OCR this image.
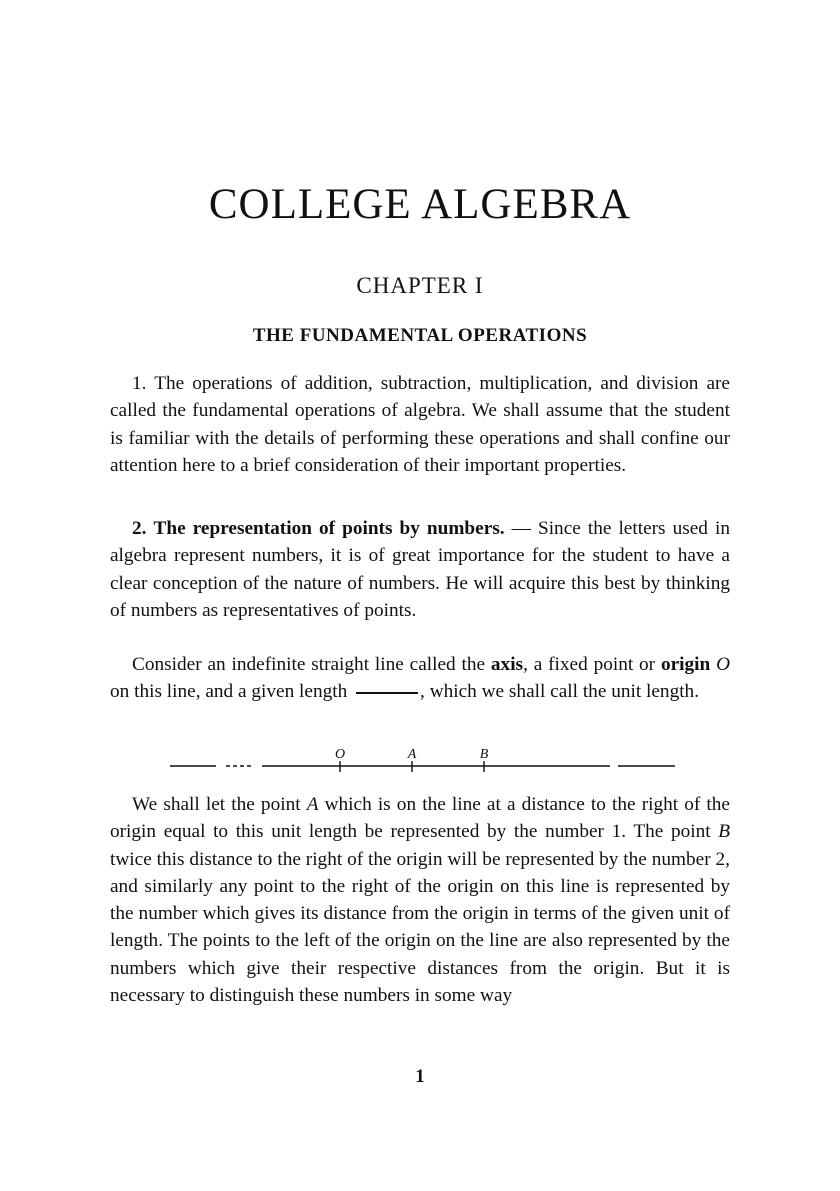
COLLEGE ALGEBRA
CHAPTER I
THE FUNDAMENTAL OPERATIONS

1. The operations of addition, subtraction, multiplication, and division are called the fundamental operations of algebra. We shall assume that the student is familiar with the details of performing these operations and shall confine our attention here to a brief consideration of their important properties.

2. The representation of points by numbers. — Since the letters used in algebra represent numbers, it is of great importance for the student to have a clear conception of the nature of numbers. He will acquire this best by thinking of numbers as representatives of points.

Consider an indefinite straight line called the axis, a fixed point or origin O on this line, and a given length	, which we shall call the unit length.

O	A	B

We shall let the point A which is on the line at a distance to the right of the origin equal to this unit length be represented by the number 1. The point B twice this distance to the right of the origin will be represented by the number 2, and similarly any point to the right of the origin on this line is represented by the number which gives its distance from the origin in terms of the given unit of length. The points to the left of the origin on the line are also represented by the numbers which give their respective distances from the origin. But it is necessary to distinguish these numbers in some way

1
